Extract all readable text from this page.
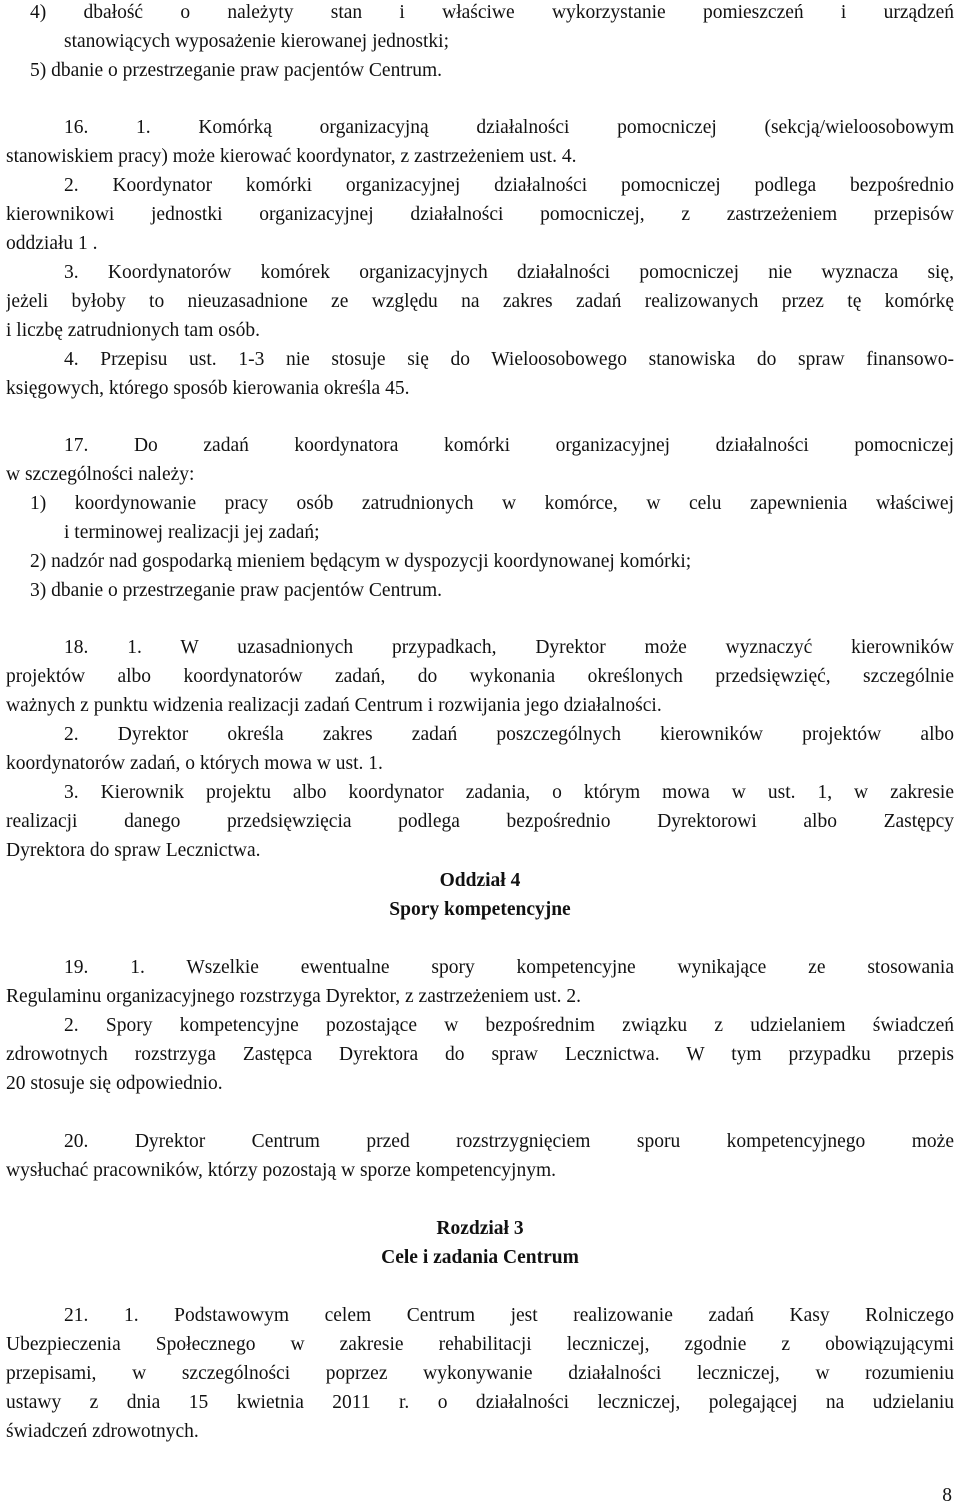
4) dbałość o należyty stan i właściwe wykorzystanie pomieszczeń i urządzeń
stanowiących wyposażenie kierowanej jednostki;
5) dbanie o przestrzeganie praw pacjentów Centrum.
16. 1. Komórką organizacyjną działalności pomocniczej (sekcją/wieloosobowym
stanowiskiem pracy) może kierować koordynator, z zastrzeżeniem ust. 4.
2. Koordynator komórki organizacyjnej działalności pomocniczej podlega bezpośrednio
kierownikowi jednostki organizacyjnej działalności pomocniczej, z zastrzeżeniem przepisów
oddziału 1 .
3. Koordynatorów komórek organizacyjnych działalności pomocniczej nie wyznacza się,
jeżeli byłoby to nieuzasadnione ze względu na zakres zadań realizowanych przez tę komórkę
i liczbę zatrudnionych tam osób.
4. Przepisu ust. 1-3 nie stosuje się do Wieloosobowego stanowiska do spraw finansowo-
księgowych, którego sposób kierowania określa 45.
17. Do zadań koordynatora komórki organizacyjnej działalności pomocniczej
w szczególności należy:
1) koordynowanie pracy osób zatrudnionych w komórce, w celu zapewnienia właściwej
i terminowej realizacji jej zadań;
2) nadzór nad gospodarką mieniem będącym w dyspozycji koordynowanej komórki;
3) dbanie o przestrzeganie praw pacjentów Centrum.
18. 1. W uzasadnionych przypadkach, Dyrektor może wyznaczyć kierowników
projektów albo koordynatorów zadań, do wykonania określonych przedsięwzięć, szczególnie
ważnych z punktu widzenia realizacji zadań Centrum i rozwijania jego działalności.
2. Dyrektor określa zakres zadań poszczególnych kierowników projektów albo
koordynatorów zadań, o których mowa w ust. 1.
3. Kierownik projektu albo koordynator zadania, o którym mowa w ust. 1, w zakresie
realizacji danego przedsięwzięcia podlega bezpośrednio Dyrektorowi albo Zastępcy
Dyrektora do spraw Lecznictwa.
Oddział 4
Spory kompetencyjne
19. 1. Wszelkie ewentualne spory kompetencyjne wynikające ze stosowania
Regulaminu organizacyjnego rozstrzyga Dyrektor, z zastrzeżeniem ust. 2.
2. Spory kompetencyjne pozostające w bezpośrednim związku z udzielaniem świadczeń
zdrowotnych rozstrzyga Zastępca Dyrektora do spraw Lecznictwa. W tym przypadku przepis
20 stosuje się odpowiednio.
20. Dyrektor Centrum przed rozstrzygnięciem sporu kompetencyjnego może
wysłuchać pracowników, którzy pozostają w sporze kompetencyjnym.
Rozdział 3
Cele i zadania Centrum
21. 1. Podstawowym celem Centrum jest realizowanie zadań Kasy Rolniczego
Ubezpieczenia Społecznego w zakresie rehabilitacji leczniczej, zgodnie z obowiązującymi
przepisami, w szczególności poprzez wykonywanie działalności leczniczej, w rozumieniu
ustawy z dnia 15 kwietnia 2011 r. o działalności leczniczej, polegającej na udzielaniu
świadczeń zdrowotnych.
8
